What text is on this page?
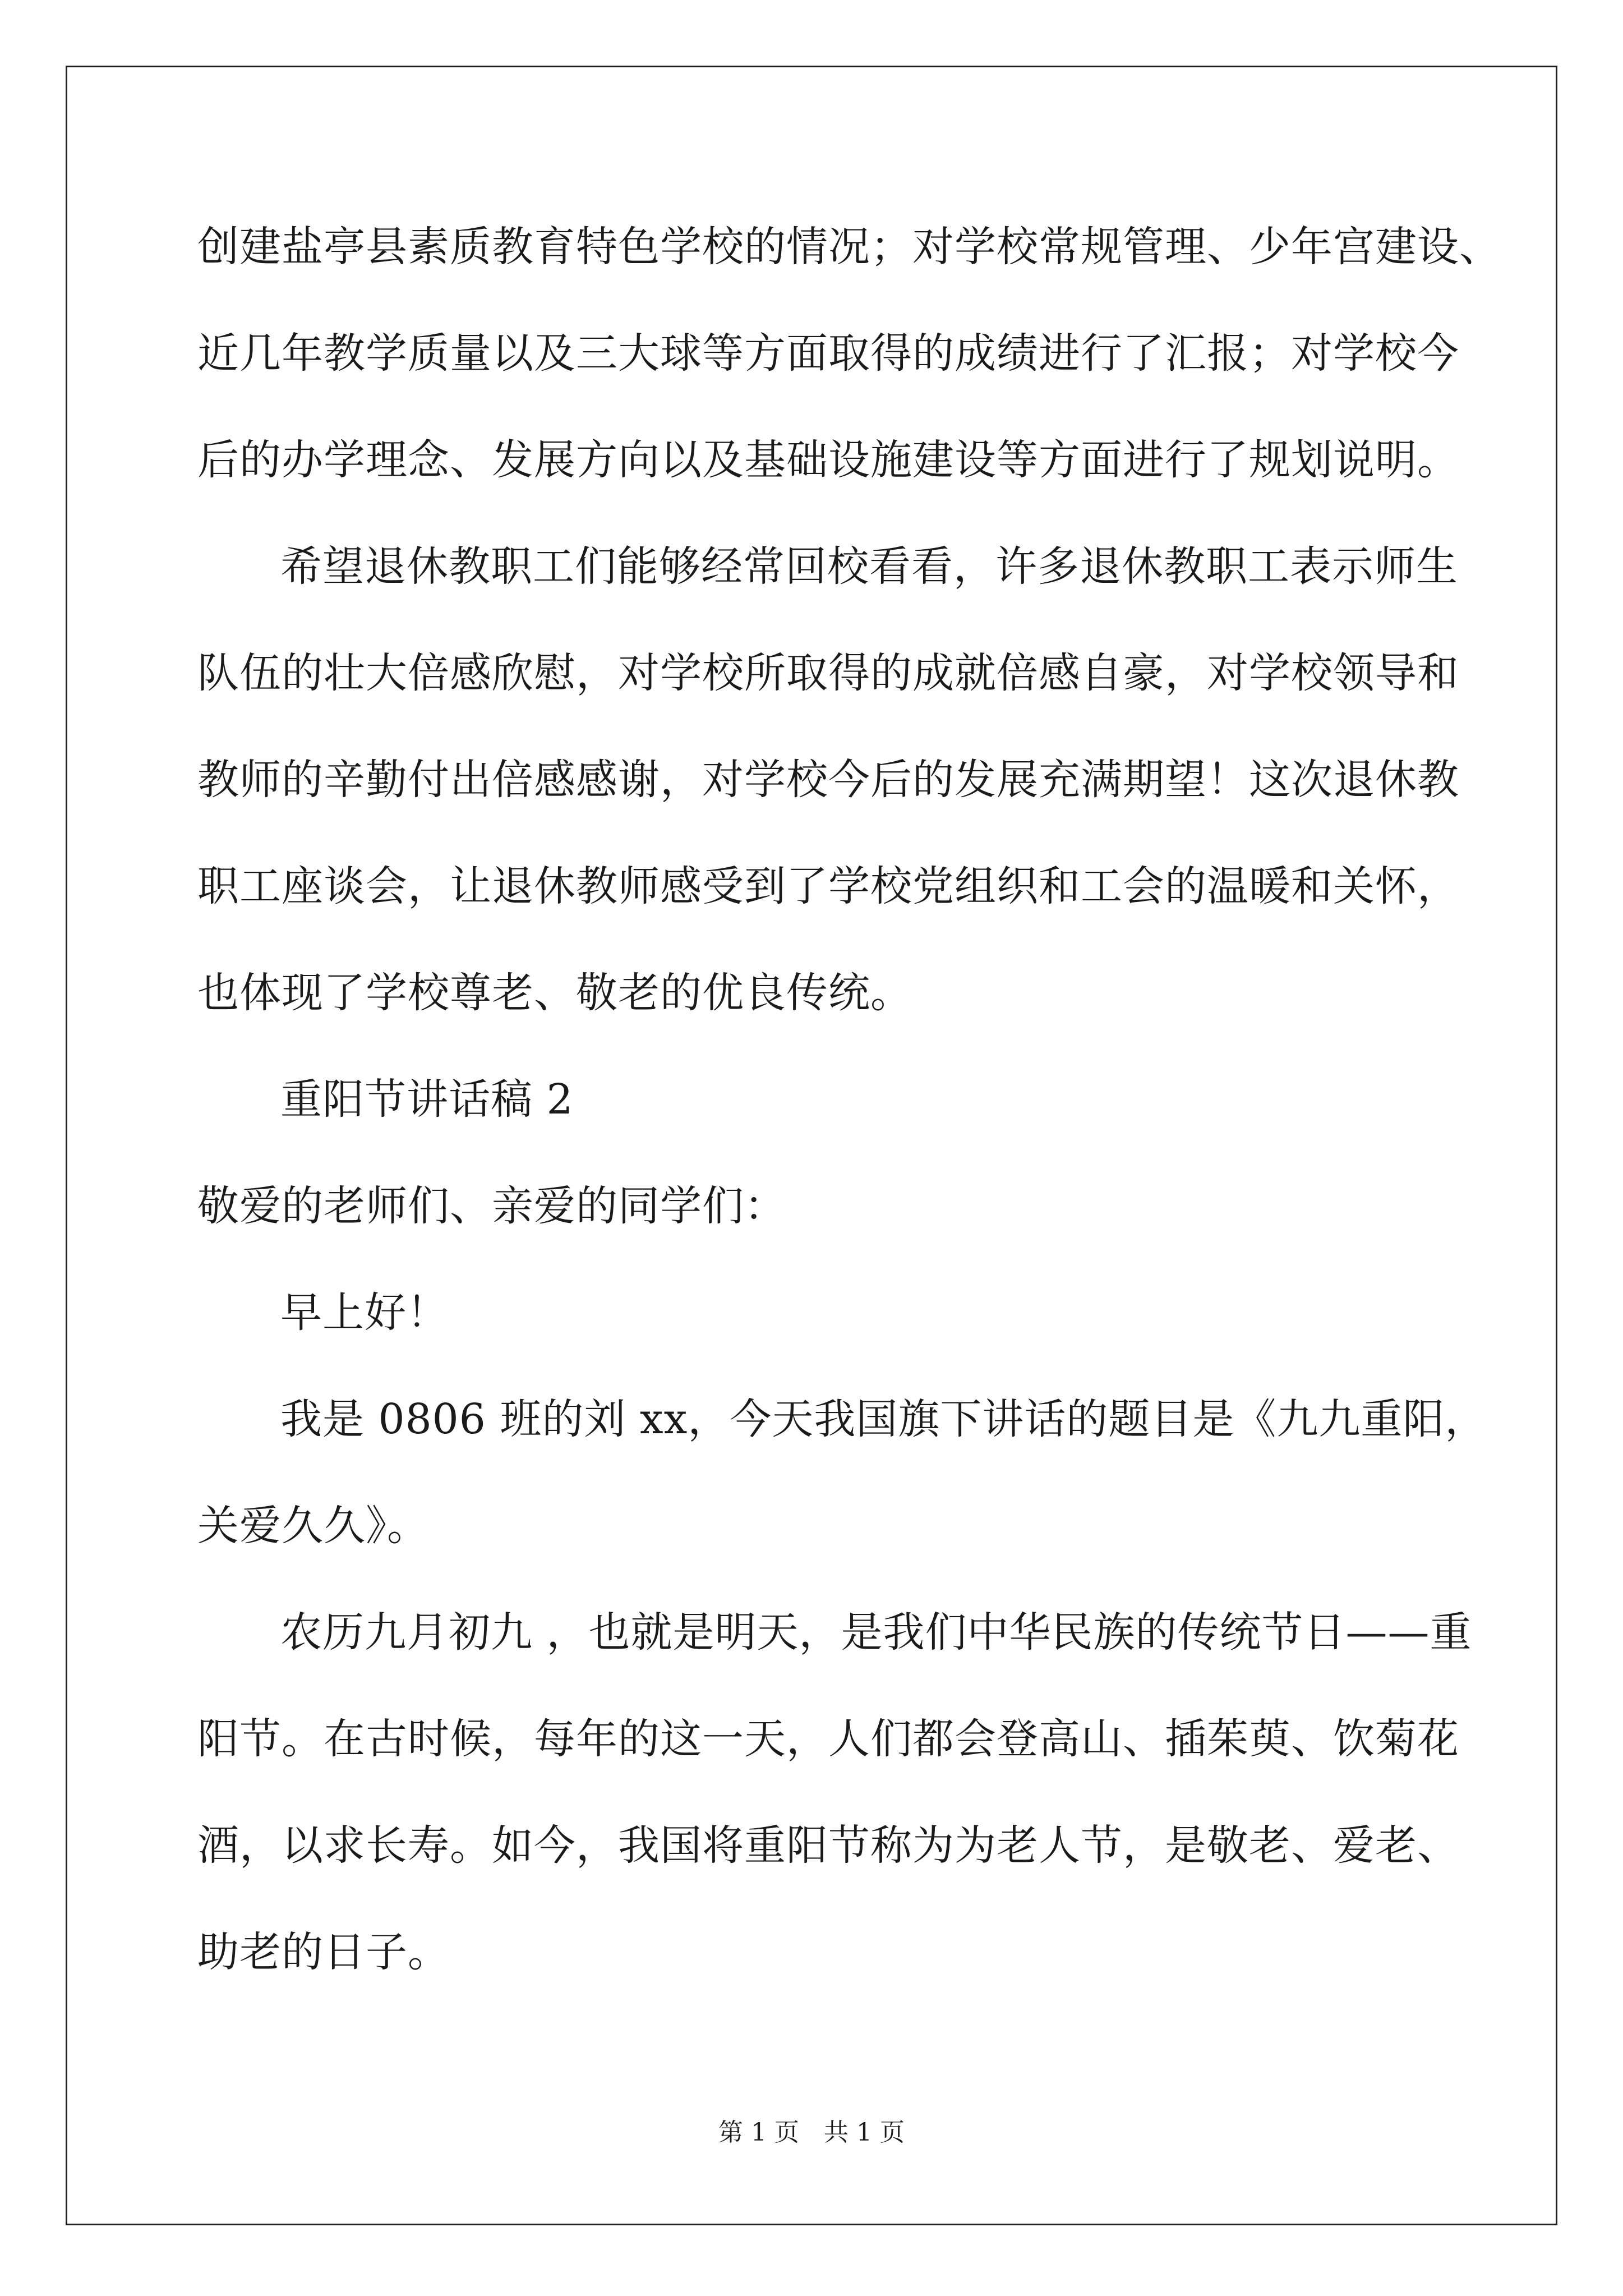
创建盐亭县素质教育特色学校的情况；对学校常规管理、少年宫建设、
近几年教学质量以及三大球等方面取得的成绩进行了汇报；对学校今
后的办学理念、发展方向以及基础设施建设等方面进行了规划说明。
希望退休教职工们能够经常回校看看，许多退休教职工表示师生
队伍的壮大倍感欣慰，对学校所取得的成就倍感自豪，对学校领导和
教师的辛勤付出倍感感谢，对学校今后的发展充满期望！这次退休教
职工座谈会，让退休教师感受到了学校党组织和工会的温暖和关怀，
也体现了学校尊老、敬老的优良传统。
重阳节讲话稿 2
敬爱的老师们、亲爱的同学们：
早上好！
我是 0806 班的刘 xx，今天我国旗下讲话的题目是《九九重阳，
关爱久久》。
农历九月初九 ，也就是明天，是我们中华民族的传统节日——重
阳节。在古时候，每年的这一天，人们都会登高山、插茱萸、饮菊花
酒，以求长寿。如今，我国将重阳节称为为老人节，是敬老、爱老、
助老的日子。
第 1 页 共 1 页
